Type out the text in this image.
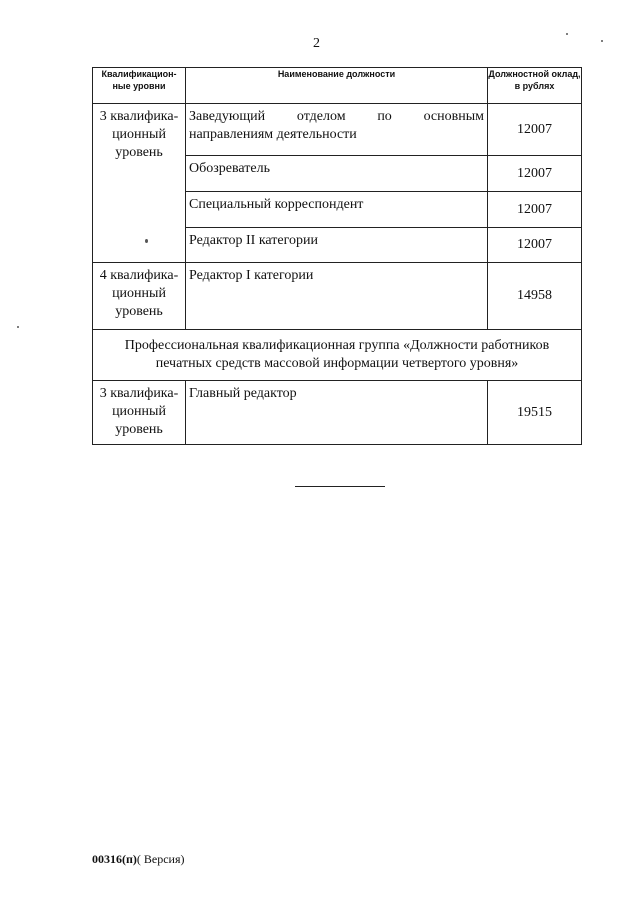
2
Квалификацион-ные уровни	Наименование должности	Должностной оклад, в рублях
3 квалифика-ционный уровень	Заведующий отделом по основным направлениям деятельности	12007
	Обозреватель	12007
	Специальный корреспондент	12007
	Редактор II категории	12007
4 квалифика-ционный уровень	Редактор I категории	14958
Профессиональная квалификационная группа «Должности работников печатных средств массовой информации четвертого уровня»		
3 квалифика-ционный уровень	Главный редактор	19515
00316(п)( Версия)
